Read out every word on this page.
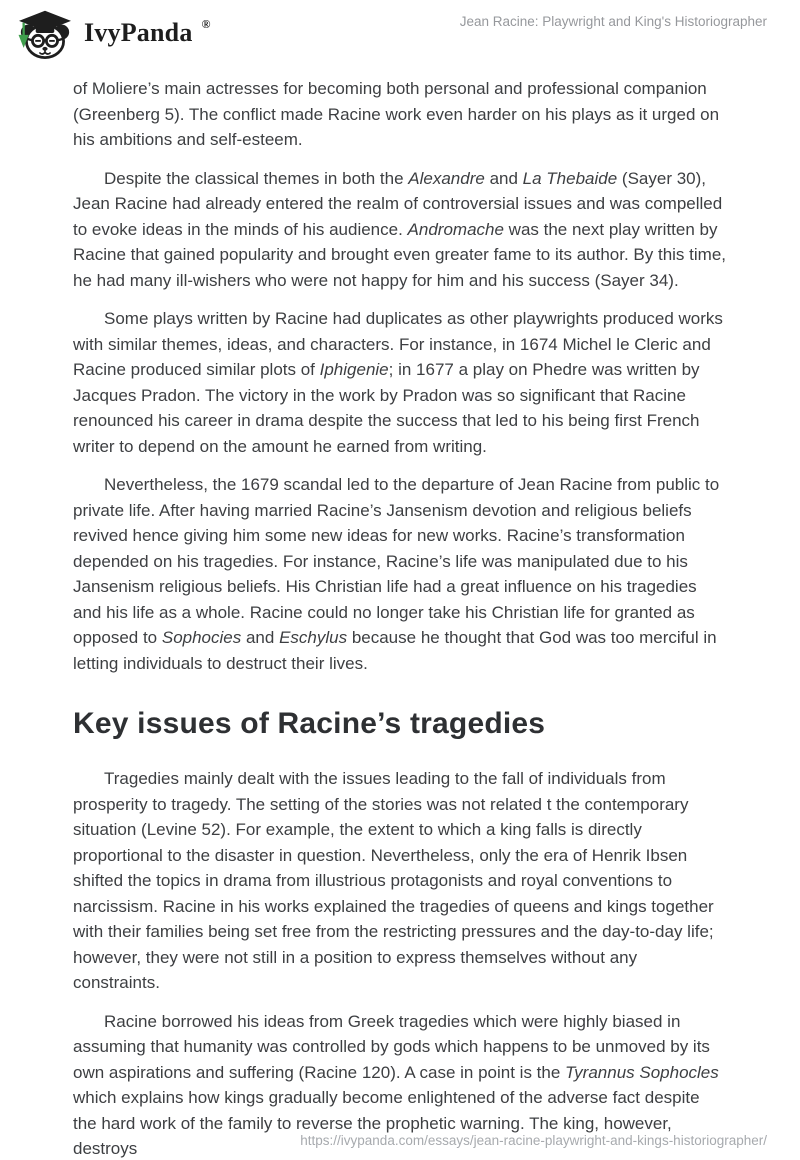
IvyPanda ®	Jean Racine: Playwright and King's Historiographer

of Moliere’s main actresses for becoming both personal and professional companion (Greenberg 5). The conflict made Racine work even harder on his plays as it urged on his ambitions and self-esteem.

Despite the classical themes in both the Alexandre and La Thebaide (Sayer 30), Jean Racine had already entered the realm of controversial issues and was compelled to evoke ideas in the minds of his audience. Andromache was the next play written by Racine that gained popularity and brought even greater fame to its author. By this time, he had many ill-wishers who were not happy for him and his success (Sayer 34).

Some plays written by Racine had duplicates as other playwrights produced works with similar themes, ideas, and characters. For instance, in 1674 Michel le Cleric and Racine produced similar plots of Iphigenie; in 1677 a play on Phedre was written by Jacques Pradon. The victory in the work by Pradon was so significant that Racine renounced his career in drama despite the success that led to his being first French writer to depend on the amount he earned from writing.

Nevertheless, the 1679 scandal led to the departure of Jean Racine from public to private life. After having married Racine’s Jansenism devotion and religious beliefs revived hence giving him some new ideas for new works. Racine’s transformation depended on his tragedies. For instance, Racine’s life was manipulated due to his Jansenism religious beliefs. His Christian life had a great influence on his tragedies and his life as a whole. Racine could no longer take his Christian life for granted as opposed to Sophocies and Eschylus because he thought that God was too merciful in letting individuals to destruct their lives.

Key issues of Racine’s tragedies

Tragedies mainly dealt with the issues leading to the fall of individuals from prosperity to tragedy. The setting of the stories was not related t the contemporary situation (Levine 52). For example, the extent to which a king falls is directly proportional to the disaster in question. Nevertheless, only the era of Henrik Ibsen shifted the topics in drama from illustrious protagonists and royal conventions to narcissism. Racine in his works explained the tragedies of queens and kings together with their families being set free from the restricting pressures and the day-to-day life; however, they were not still in a position to express themselves without any constraints.

Racine borrowed his ideas from Greek tragedies which were highly biased in assuming that humanity was controlled by gods which happens to be unmoved by its own aspirations and suffering (Racine 120). A case in point is the Tyrannus Sophocles which explains how kings gradually become enlightened of the adverse fact despite the hard work of the family to reverse the prophetic warning. The king, however, destroys	https://ivypanda.com/essays/jean-racine-playwright-and-kings-historiographer/
